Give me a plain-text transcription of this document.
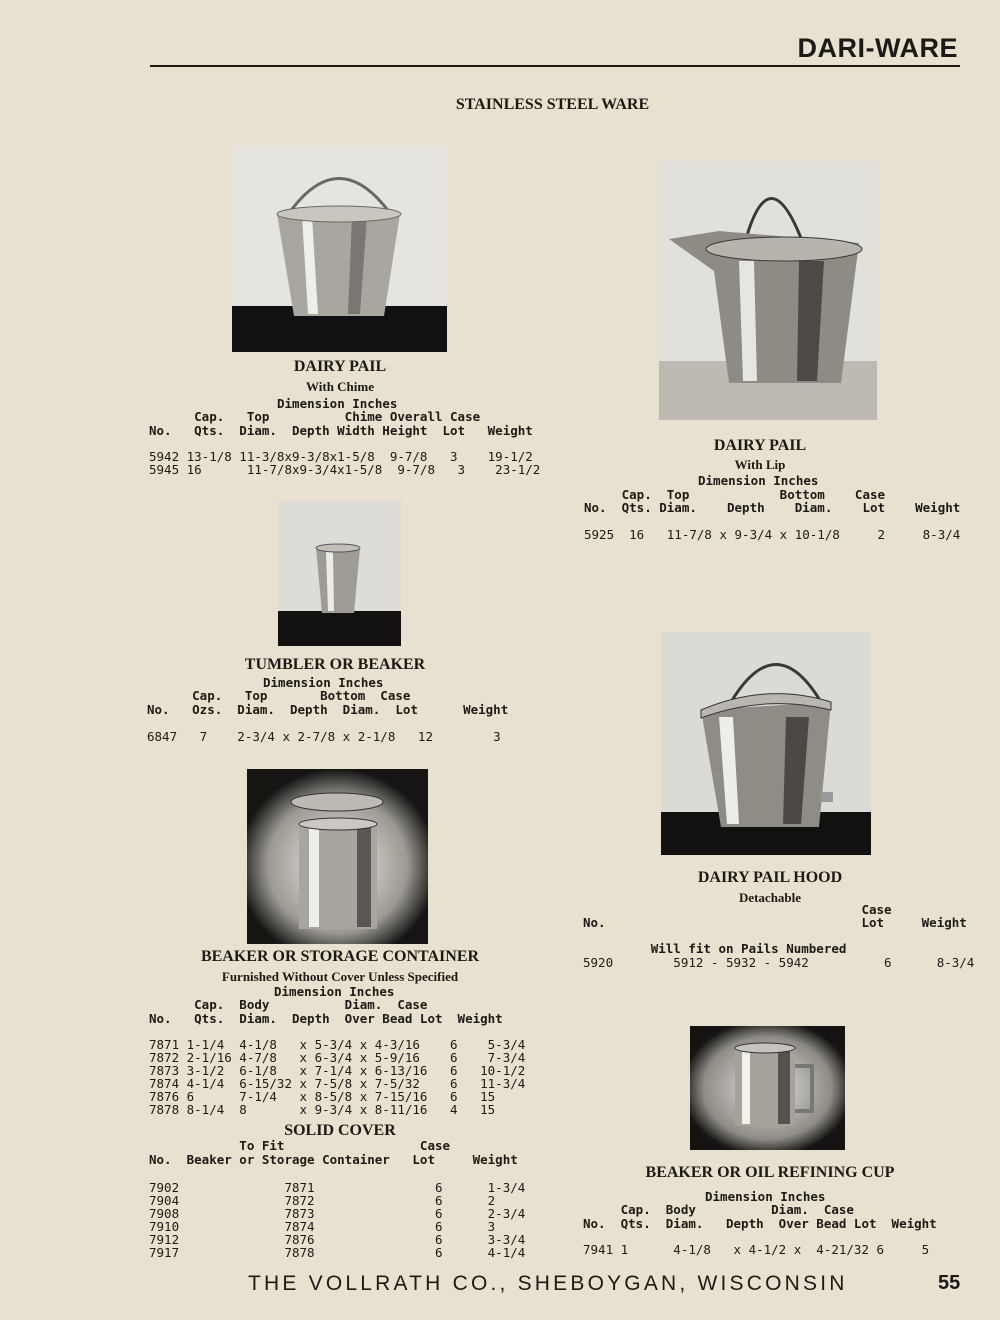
DARI-WARE
STAINLESS STEEL WARE
DAIRY PAIL
With Chime
Dimension Inches
Cap.   Top          Chime Overall Case
No.   Qts.  Diam.  Depth Width Height  Lot   Weight
5942 13-1/8 11-3/8x9-3/8x1-5/8  9-7/8   3    19-1/2
5945 16      11-7/8x9-3/4x1-5/8  9-7/8   3    23-1/2
DAIRY PAIL
With Lip
Dimension Inches
Cap.  Top            Bottom    Case
No.  Qts. Diam.    Depth    Diam.    Lot    Weight
5925  16   11-7/8 x 9-3/4 x 10-1/8     2     8-3/4
TUMBLER OR BEAKER
Dimension Inches
Cap.   Top       Bottom  Case
No.   Ozs.  Diam.  Depth  Diam.  Lot      Weight
6847   7    2-3/4 x 2-7/8 x 2-1/8   12        3
BEAKER OR STORAGE CONTAINER
Furnished Without Cover Unless Specified
Dimension Inches
Cap.  Body          Diam.  Case
No.   Qts.  Diam.  Depth  Over Bead Lot  Weight
7871 1-1/4  4-1/8   x 5-3/4 x 4-3/16    6    5-3/4
7872 2-1/16 4-7/8   x 6-3/4 x 5-9/16    6    7-3/4
7873 3-1/2  6-1/8   x 7-1/4 x 6-13/16   6   10-1/2
7874 4-1/4  6-15/32 x 7-5/8 x 7-5/32    6   11-3/4
7876 6      7-1/4   x 8-5/8 x 7-15/16   6   15
7878 8-1/4  8       x 9-3/4 x 8-11/16   4   15
SOLID COVER
To Fit                  Case
No.  Beaker or Storage Container   Lot     Weight
7902              7871                6      1-3/4
7904              7872                6      2
7908              7873                6      2-3/4
7910              7874                6      3
7912              7876                6      3-3/4
7917              7878                6      4-1/4
DAIRY PAIL HOOD
Detachable
Case
No.                                  Lot     Weight
Will fit on Pails Numbered
5920        5912 - 5932 - 5942          6      8-3/4
BEAKER OR OIL REFINING CUP
Dimension Inches
Cap.  Body          Diam.  Case
No.  Qts.  Diam.   Depth  Over Bead Lot  Weight
7941 1      4-1/8   x 4-1/2 x  4-21/32 6     5
THE VOLLRATH CO., SHEBOYGAN, WISCONSIN	55
